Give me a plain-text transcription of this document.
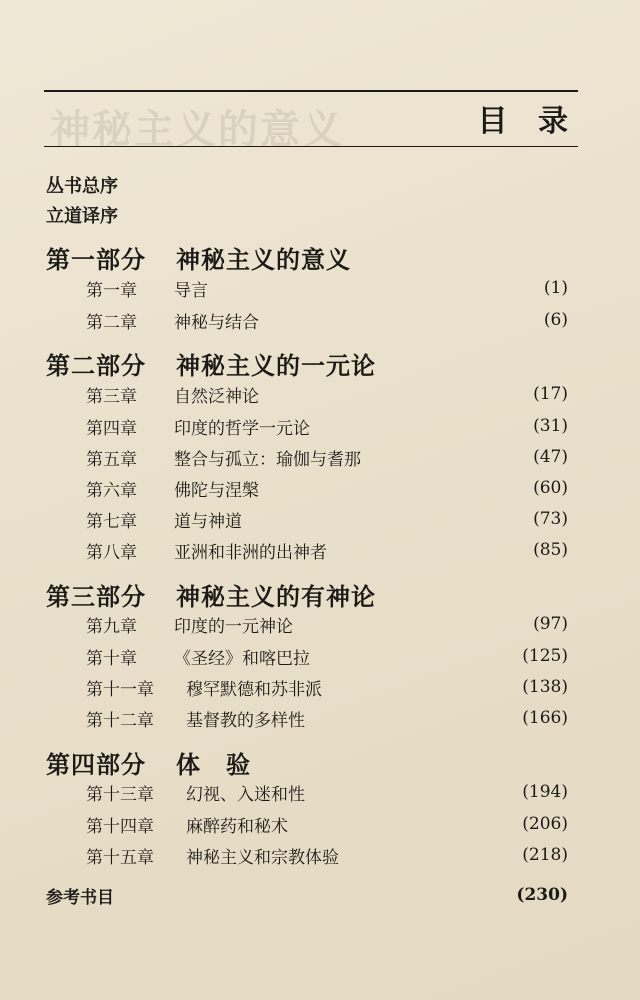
神秘主义的意义	目 录
丛书总序
立道译序
第一部分 神秘主义的意义
第一章	导言	(1)
第二章	神秘与结合	(6)
第二部分 神秘主义的一元论
第三章	自然泛神论	(17)
第四章	印度的哲学一元论	(31)
第五章	整合与孤立：瑜伽与耆那	(47)
第六章	佛陀与涅槃	(60)
第七章	道与神道	(73)
第八章	亚洲和非洲的出神者	(85)
第三部分 神秘主义的有神论
第九章	印度的一元神论	(97)
第十章	《圣经》和喀巴拉	(125)
第十一章	穆罕默德和苏非派	(138)
第十二章	基督教的多样性	(166)
第四部分 体　验
第十三章	幻视、入迷和性	(194)
第十四章	麻醉药和秘术	(206)
第十五章	神秘主义和宗教体验	(218)
参考书目	(230)
